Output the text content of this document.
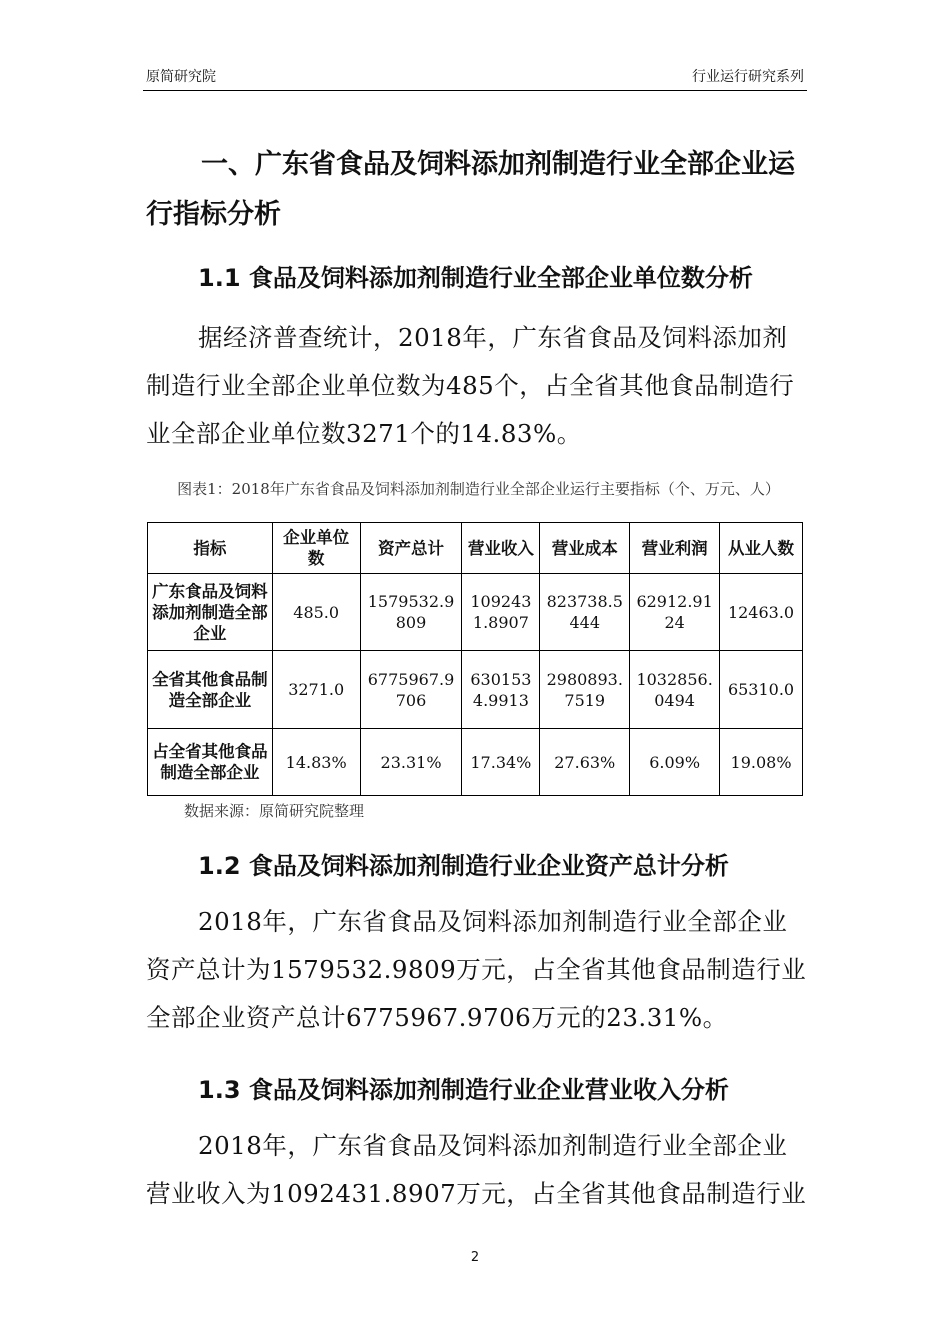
原简研究院	行业运行研究系列
一、广东省食品及饲料添加剂制造行业全部企业运行指标分析
1.1 食品及饲料添加剂制造行业全部企业单位数分析
据经济普查统计，2018年，广东省食品及饲料添加剂制造行业全部企业单位数为485个，占全省其他食品制造行业全部企业单位数3271个的14.83%。
图表1：2018年广东省食品及饲料添加剂制造行业全部企业运行主要指标（个、万元、人）
指标	企业单位数	资产总计	营业收入	营业成本	营业利润	从业人数
广东食品及饲料添加剂制造全部企业	485.0	1579532.9809	1092431.8907	823738.5444	62912.9124	12463.0
全省其他食品制造全部企业	3271.0	6775967.9706	6301534.9913	2980893.7519	1032856.0494	65310.0
占全省其他食品制造全部企业	14.83%	23.31%	17.34%	27.63%	6.09%	19.08%
数据来源：原简研究院整理
1.2 食品及饲料添加剂制造行业企业资产总计分析
2018年，广东省食品及饲料添加剂制造行业全部企业资产总计为1579532.9809万元，占全省其他食品制造行业全部企业资产总计6775967.9706万元的23.31%。
1.3 食品及饲料添加剂制造行业企业营业收入分析
2018年，广东省食品及饲料添加剂制造行业全部企业营业收入为1092431.8907万元，占全省其他食品制造行业
2
